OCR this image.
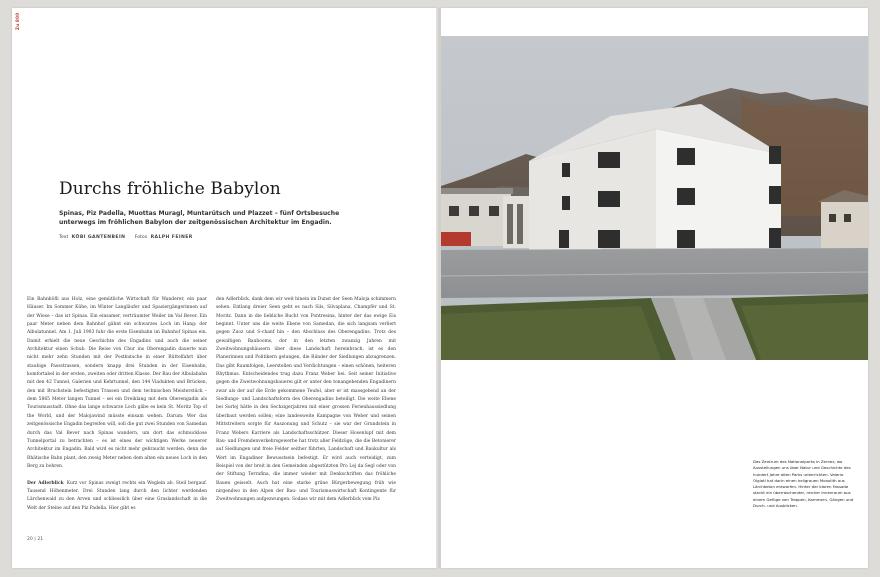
Zu 800
Durchs fröhliche Babylon

Spinas, Piz Padella, Muottas Muragl, Muntarütsch und Plazzet – fünf Ortsbesuche unterwegs im fröhlichen Babylon der zeitgenössischen Architektur im Engadin.

Text KÖBI GANTENBEIN Fotos RALPH FEINER

Ein Bahnhöfli aus Holz, eine gemütliche Wirtschaft für Wanderer, ein paar Häuser. Im Sommer Kühe, im Winter Langläufer und Spaziergängerinnen auf der Wiese – das ist Spinas. Ein einsamer, verträumter Weiler im Val Bever. Ein paar Meter neben dem Bahnhof gähnt ein schwarzes Loch im Hang: der Albulatunnel. Am 1. Juli 1903 fuhr die erste Eisenbahn im Bahnhof Spinas ein. Damit erhielt die neue Geschichte des Engadins und auch die seiner Architektur einen Schub. Die Reise von Chur ins Oberengadin dauerte nun nicht mehr zehn Stunden mit der Postkutsche in einer Rüttelfahrt über staubige Passstrassen, sondern knapp drei Stunden in der Eisenbahn, komfortabel in der ersten, zweiten oder dritten Klasse. Der Bau der Albulabahn mit den 42 Tunnel, Galerien und Kehrtunnel, den 144 Viadukten und Brücken, den mit Bruchstein befestigten Trassen und dem technischen Meisterstück – dem 5865 Meter langen Tunnel – sei ein Dreiklang mit dem Oberengadin als Tourismusstadt. Ohne das lange schwarze Loch gäbe es kein St. Moritz Top of the World, und der Malojawind müsste einsam wehen. Darum: Wer das zeitgenössische Engadin begreifen will, soll die gut zwei Stunden von Samedan durch das Val Bever nach Spinas wandern, um dort das schmucklose Tunnelportal zu betrachten – es ist eines der wichtigen Werke neuerer Architektur im Engadin. Bald wird es nicht mehr gebraucht werden, denn die Rhätische Bahn plant, den zweig Meter neben dem alten ein neues Loch in den Berg zu bohren.

Der Adlerblick Kurz vor Spinas zweigt rechts ein Weglein ab. Steil bergauf. Tausend Höhenmeter. Drei Stunden lang durch den lichter werdenden Lärchenwald zu den Arven und schliesslich über eine Graslandschaft in die Welt der Steine auf den Piz Padella. Hier gibt es

den Adlerblick, dank dem wir weit hinein im Dunst der Seen Maloja schimmern sehen. Entlang dreier Seen geht es nach Sils, Silvaplana, Champfèr und St. Moritz. Dann in die liebliche Bucht von Pontresina, hinter der das ewige Eis beginnt. Unter uns die weite Ebene von Samedan, die sich langsam verliert gegen Zuoz und S-chanf hin – den Abschluss des Oberengadins. Trotz des gewaltigen Baubooms, der in den letzten zwanzig Jahren mit Zweitwohnungshäusern über diese Landschaft hereinbrach, ist es den Planerinnen und Politikern gelungen, die Ränder der Siedlungen abzugrenzen. Das gibt Raumfolgen, Leerstellen und Verdichtungen – einen schönen, heiteren Rhythmus. Entscheidendes trug dazu Franz Weber bei. Seit seiner Initiative gegen die Zweitwohnungsbauerei gilt er unter den tonangebenden Engadinern zwar als der auf die Erde gekommene Teufel, aber er ist massgebend an der Siedlungs- und Landschaftsform des Oberengadins beteiligt. Die weite Ebene bei Surlej hätte in den Sechzigerjahren mit einer grossen Ferienhaussiedlung überbaut werden sollen; eine landesweite Kampagne von Weber und seinen Mittstreitern sorgte für Auszonung und Schutz – sie war der Grundstein in Franz Webers Karriere als Landschaftsschützer. Dieser Hosenlupf mit dem Bau- und Fremdenverkehrsgewerbe hat trotz aller Feldzüge, die die Betonierer auf Siedlungen und freie Felder seither führten, Landschaft und Baukultur als Wert im Engadiner Bewusstsein befestigt. Er wird auch verteidigt, zum Beispiel von der breit in den Gemeinden abgestützten Pro Lej da Segl oder von der Stiftung Terrafina, die immer wieder mit Denkschriften das fröhliche Bauen geisselt. Auch hat eine starke grüne Bürgerbewegung früh wie nirgendwo in den Alpen der Bau- und Tourismuswirtschaft Kontingente für Zweitwohnungen aufgezwungen. Sodass wir mit dem Adlerblick vom Piz

20 | 21

Das Zentrum des Nationalparks in Zernez, wo Ausstellungen uns über Natur und Geschichte des hundert Jahre alten Parks unterrichten. Valerio Olgiati hat darin einen hellgrauen Monolith aus Lärchbeton entworfen. Hinter der klaren Fassade steckt ein überraschender, reicher Innenraum aus einem Gefüge von Treppen, Kammern, Gängen und Durch- und Ausblicken.
